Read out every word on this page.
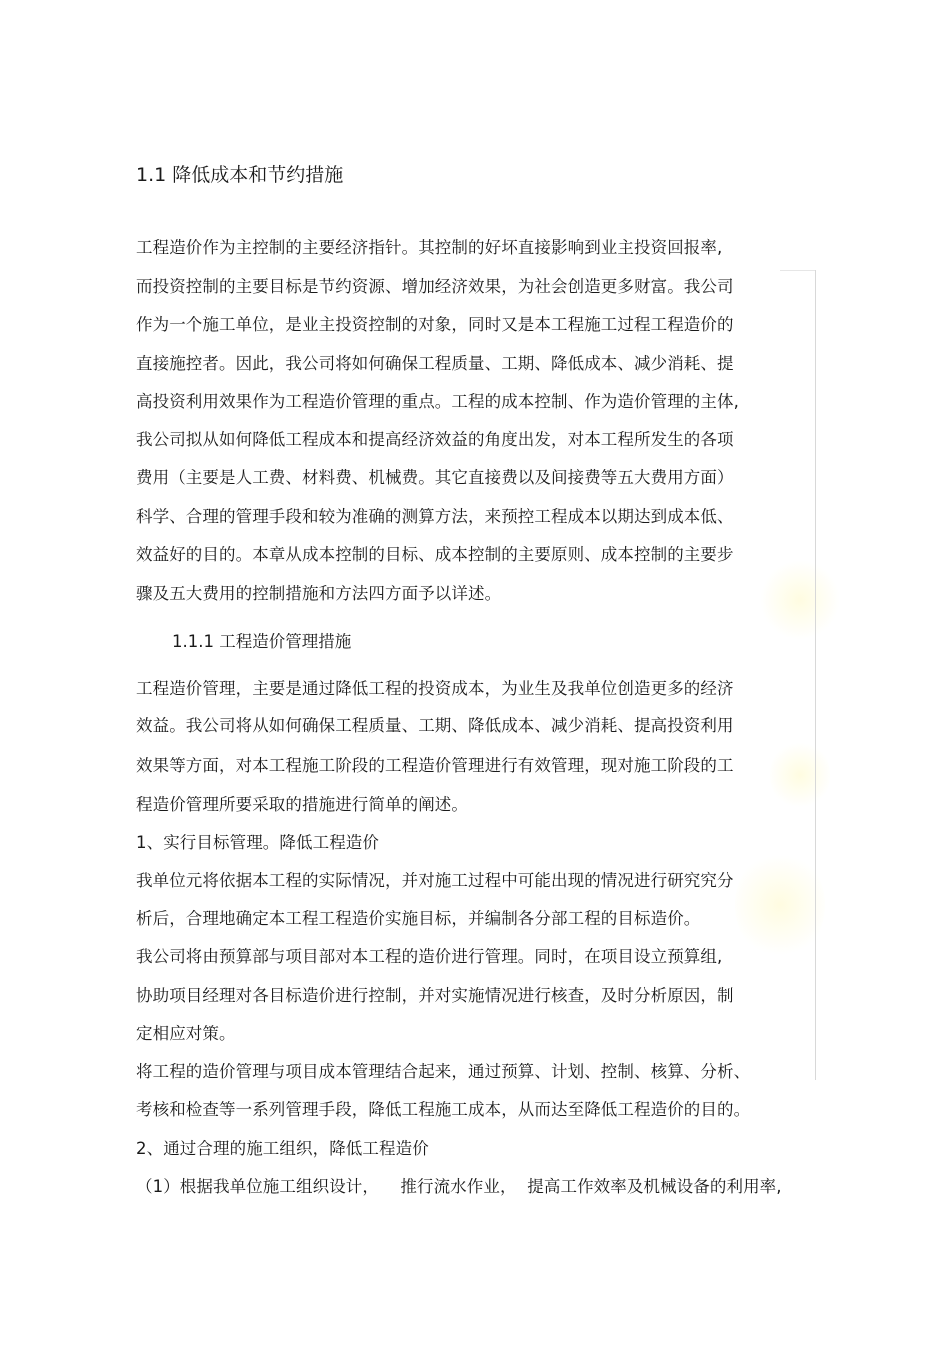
1.1 降低成本和节约措施
工程造价作为主控制的主要经济指针。其控制的好坏直接影响到业主投资回报率,
而投资控制的主要目标是节约资源、增加经济效果，为社会创造更多财富。我公司
作为一个施工单位，是业主投资控制的对象，同时又是本工程施工过程工程造价的
直接施控者。因此，我公司将如何确保工程质量、工期、降低成本、减少消耗、提
高投资利用效果作为工程造价管理的重点。工程的成本控制、作为造价管理的主体,
我公司拟从如何降低工程成本和提高经济效益的角度出发，对本工程所发生的各项
费用（主要是人工费、材料费、机械费。其它直接费以及间接费等五大费用方面）
科学、合理的管理手段和较为准确的测算方法，来预控工程成本以期达到成本低、
效益好的目的。本章从成本控制的目标、成本控制的主要原则、成本控制的主要步
骤及五大费用的控制措施和方法四方面予以详述。
1.1.1 工程造价管理措施
工程造价管理，主要是通过降低工程的投资成本，为业生及我单位创造更多的经济
效益。我公司将从如何确保工程质量、工期、降低成本、减少消耗、提高投资利用
效果等方面，对本工程施工阶段的工程造价管理进行有效管理，现对施工阶段的工
程造价管理所要采取的措施进行简单的阐述。
1、实行目标管理。降低工程造价
我单位元将依据本工程的实际情况，并对施工过程中可能出现的情况进行研究究分
析后，合理地确定本工程工程造价实施目标，并编制各分部工程的目标造价。
我公司将由预算部与项目部对本工程的造价进行管理。同时，在项目设立预算组,
协助项目经理对各目标造价进行控制，并对实施情况进行核查，及时分析原因，制
定相应对策。
将工程的造价管理与项目成本管理结合起来，通过预算、计划、控制、核算、分析、
考核和检查等一系列管理手段，降低工程施工成本，从而达至降低工程造价的目的。
2、通过合理的施工组织，降低工程造价
（1）根据我单位施工组织设计，    推行流水作业，  提高工作效率及机械设备的利用率,
